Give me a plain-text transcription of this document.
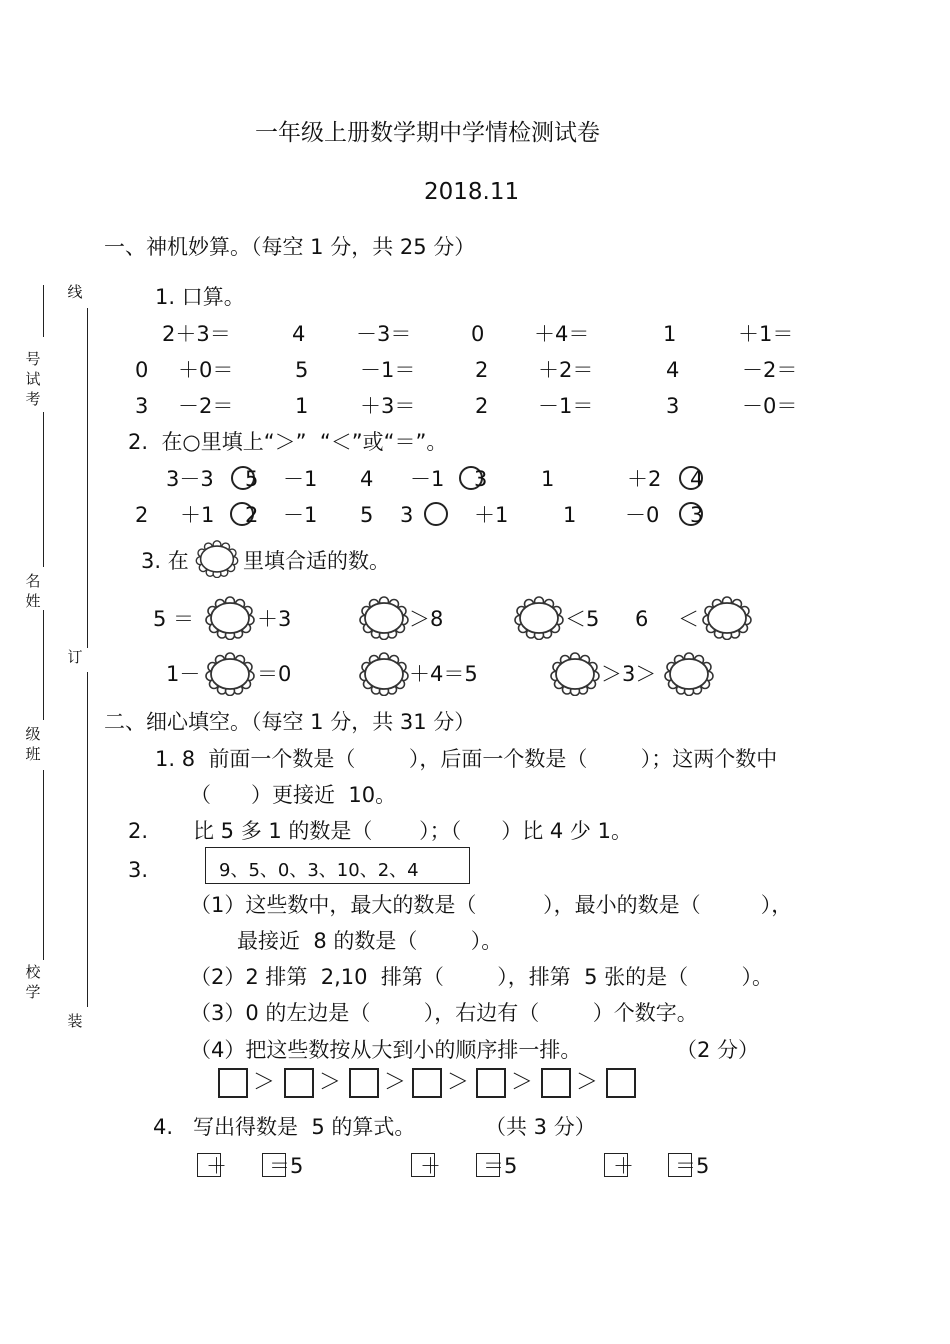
一年级上册数学期中学情检测试卷
2018.11
线
订
装
号
试
考
名
姓
级
班
校
学
一、神机妙算。（每空 1 分，共 25 分）
1. 口算。
2＋3＝	4 －3＝	0 ＋4＝	1	＋1＝
0 ＋0＝	5 －1＝	2 ＋2＝	4	－2＝
3 －2＝	1 ＋3＝	2 －1＝	3	－0＝
2.  在○里填上“＞”  “＜”或“＝”。
3－3 5 －1 4 －1 3	1	＋2 4
2 ＋1 2 －1 5 3	＋1	1 －0 3
3. 在	里填合适的数。
5 ＝	＋3	＞8	＜5 6 ＜
1－	＝0	＋4＝5	＞3＞
二、细心填空。（每空 1 分，共 31 分）
1. 8  前面一个数是（        ），后面一个数是（        ）；这两个数中
（      ）更接近  10。
2. 比 5 多 1 的数是（       ）；（      ）比 4 少 1。
3.	9、5、0、3、10、2、4
（1）这些数中，最大的数是（          ），最小的数是（         ），
最接近  8 的数是（        ）。
（2）2 排第  2,10  排第（        ），排第  5 张的是（        ）。
（3）0 的左边是（        ），右边有（        ）个数字。
（4）把这些数按从大到小的顺序排一排。	（2 分）
＞ ＞ ＞ ＞ ＞ ＞
4. 写出得数是  5 的算式。	（共 3 分）
＋ ＝5	＋ ＝5	＋ ＝5
